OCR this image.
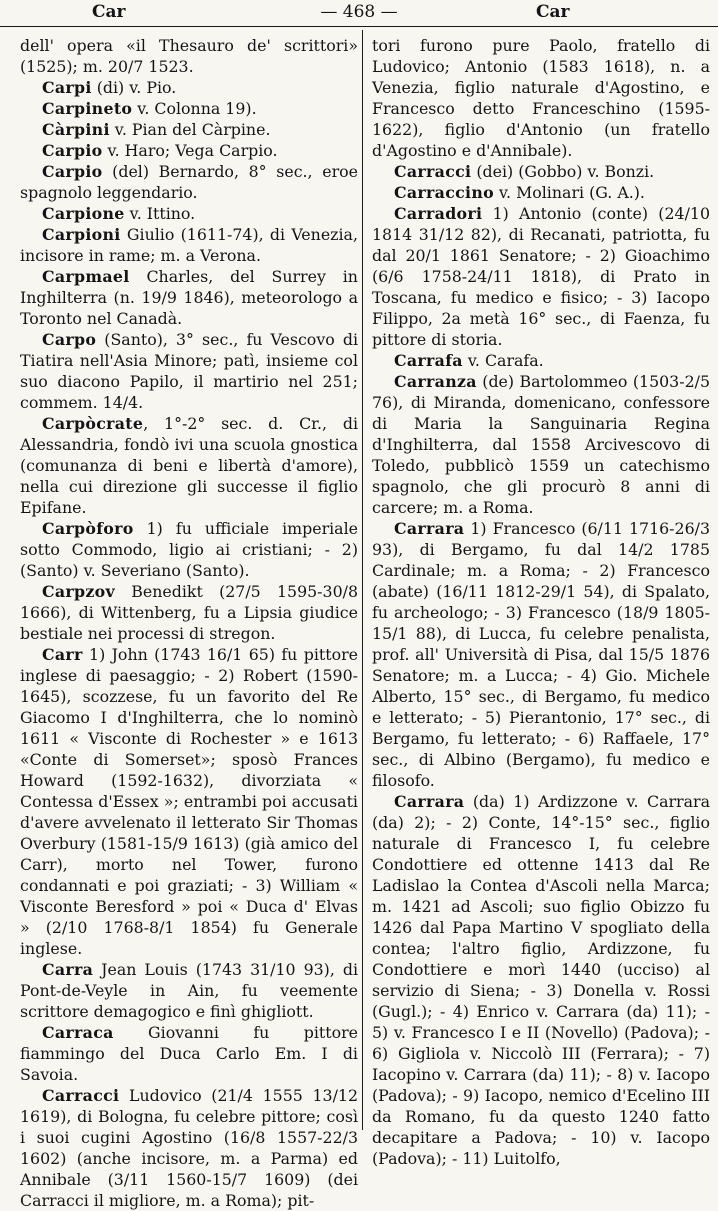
Car	— 468 —	Car

dell' opera «il Thesauro de' scrittori» (1525); m. 20/7 1523.

Carpi (di) v. Pio.

Carpineto v. Colonna 19).

Càrpini v. Pian del Càrpine.

Carpio v. Haro; Vega Carpio.

Carpio (del) Bernardo, 8° sec., eroe spagnolo leggendario.

Carpione v. Ittino.

Carpioni Giulio (1611-74), di Venezia, incisore in rame; m. a Verona.

Carpmael Charles, del Surrey in Inghilterra (n. 19/9 1846), meteorologo a Toronto nel Canadà.

Carpo (Santo), 3° sec., fu Vescovo di Tiatira nell'Asia Minore; patì, insieme col suo diacono Papilo, il martirio nel 251; commem. 14/4.

Carpòcrate, 1°-2° sec. d. Cr., di Alessandria, fondò ivi una scuola gnostica (comunanza di beni e libertà d'amore), nella cui direzione gli successe il figlio Epifane.

Carpòforo 1) fu ufficiale imperiale sotto Commodo, ligio ai cristiani; - 2) (Santo) v. Severiano (Santo).

Carpzov Benedikt (27/5 1595-30/8 1666), di Wittenberg, fu a Lipsia giudice bestiale nei processi di stregon.

Carr 1) John (1743 16/1 65) fu pittore inglese di paesaggio; - 2) Robert (1590-1645), scozzese, fu un favorito del Re Giacomo I d'Inghilterra, che lo nominò 1611 « Visconte di Rochester » e 1613 «Conte di Somerset»; sposò Frances Howard (1592-1632), divorziata « Contessa d'Essex »; entrambi poi accusati d'avere avvelenato il letterato Sir Thomas Overbury (1581-15/9 1613) (già amico del Carr), morto nel Tower, furono condannati e poi graziati; - 3) William « Visconte Beresford » poi « Duca d' Elvas » (2/10 1768-8/1 1854) fu Generale inglese.

Carra Jean Louis (1743 31/10 93), di Pont-de-Veyle in Ain, fu veemente scrittore demagogico e finì ghigliott.

Carraca Giovanni fu pittore fiammingo del Duca Carlo Em. I di Savoia.

Carracci Ludovico (21/4 1555 13/12 1619), di Bologna, fu celebre pittore; così i suoi cugini Agostino (16/8 1557-22/3 1602) (anche incisore, m. a Parma) ed Annibale (3/11 1560-15/7 1609) (dei Carracci il migliore, m. a Roma); pit-

tori furono pure Paolo, fratello di Ludovico; Antonio (1583 1618), n. a Venezia, figlio naturale d'Agostino, e Francesco detto Franceschino (1595-1622), figlio d'Antonio (un fratello d'Agostino e d'Annibale).

Carracci (dei) (Gobbo) v. Bonzi.

Carraccino v. Molinari (G. A.).

Carradori 1) Antonio (conte) (24/10 1814 31/12 82), di Recanati, patriotta, fu dal 20/1 1861 Senatore; - 2) Gioachimo (6/6 1758-24/11 1818), di Prato in Toscana, fu medico e fisico; - 3) Iacopo Filippo, 2a metà 16° sec., di Faenza, fu pittore di storia.

Carrafa v. Carafa.

Carranza (de) Bartolommeo (1503-2/5 76), di Miranda, domenicano, confessore di Maria la Sanguinaria Regina d'Inghilterra, dal 1558 Arcivescovo di Toledo, pubblicò 1559 un catechismo spagnolo, che gli procurò 8 anni di carcere; m. a Roma.

Carrara 1) Francesco (6/11 1716-26/3 93), di Bergamo, fu dal 14/2 1785 Cardinale; m. a Roma; - 2) Francesco (abate) (16/11 1812-29/1 54), di Spalato, fu archeologo; - 3) Francesco (18/9 1805-15/1 88), di Lucca, fu celebre penalista, prof. all' Università di Pisa, dal 15/5 1876 Senatore; m. a Lucca; - 4) Gio. Michele Alberto, 15° sec., di Bergamo, fu medico e letterato; - 5) Pierantonio, 17° sec., di Bergamo, fu letterato; - 6) Raffaele, 17° sec., di Albino (Bergamo), fu medico e filosofo.

Carrara (da) 1) Ardizzone v. Carrara (da) 2); - 2) Conte, 14°-15° sec., figlio naturale di Francesco I, fu celebre Condottiere ed ottenne 1413 dal Re Ladislao la Contea d'Ascoli nella Marca; m. 1421 ad Ascoli; suo figlio Obizzo fu 1426 dal Papa Martino V spogliato della contea; l'altro figlio, Ardizzone, fu Condottiere e morì 1440 (ucciso) al servizio di Siena; - 3) Donella v. Rossi (Gugl.); - 4) Enrico v. Carrara (da) 11); - 5) v. Francesco I e II (Novello) (Padova); - 6) Gigliola v. Niccolò III (Ferrara); - 7) Iacopino v. Carrara (da) 11); - 8) v. Iacopo (Padova); - 9) Iacopo, nemico d'Ecelino III da Romano, fu da questo 1240 fatto decapitare a Padova; - 10) v. Iacopo (Padova); - 11) Luitolfo,
